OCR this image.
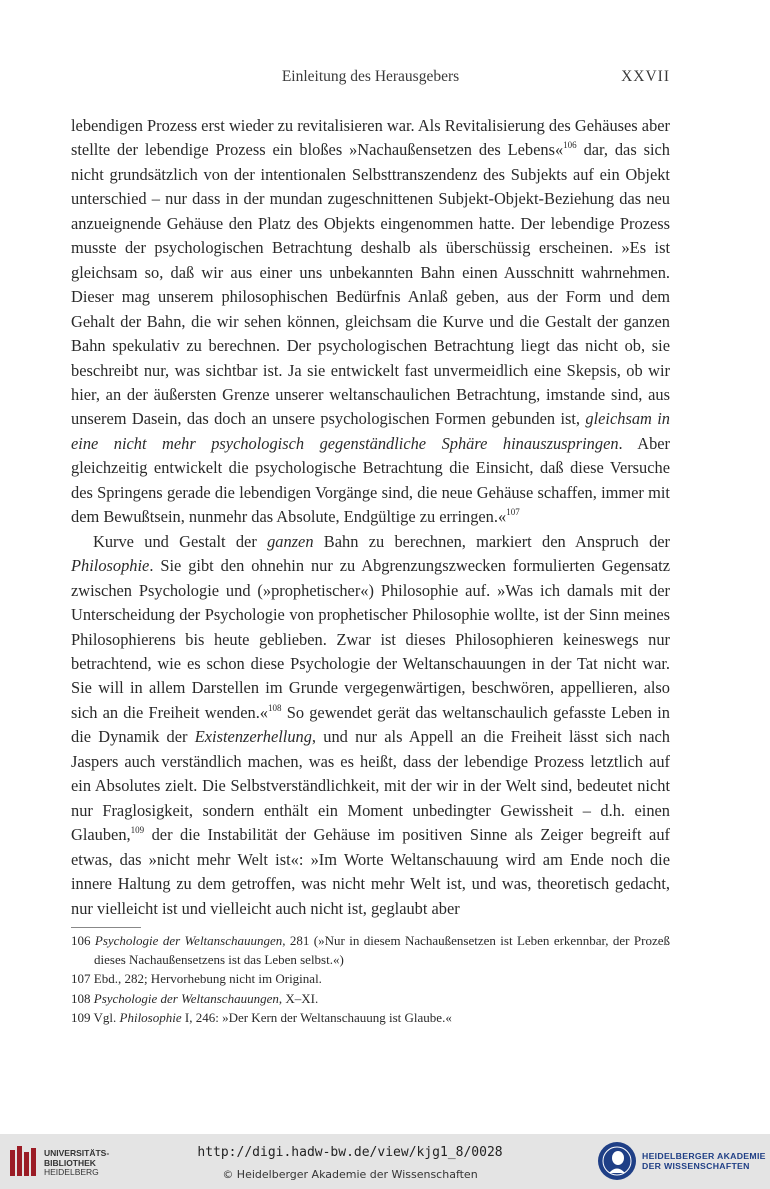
Einleitung des Herausgebers	XXVII

lebendigen Prozess erst wieder zu revitalisieren war. Als Revitalisierung des Gehäuses aber stellte der lebendige Prozess ein bloßes »Nachaußensetzen des Lebens«$^{106}$ dar, das sich nicht grundsätzlich von der intentionalen Selbsttranszendenz des Subjekts auf ein Objekt unterschied – nur dass in der mundan zugeschnittenen Subjekt-Objekt-Beziehung das neu anzueignende Gehäuse den Platz des Objekts eingenommen hatte. Der lebendige Prozess musste der psychologischen Betrachtung deshalb als überschüssig erscheinen. »Es ist gleichsam so, daß wir aus einer uns unbekannten Bahn einen Ausschnitt wahrnehmen. Dieser mag unserem philosophischen Bedürfnis Anlaß geben, aus der Form und dem Gehalt der Bahn, die wir sehen können, gleichsam die Kurve und die Gestalt der ganzen Bahn spekulativ zu berechnen. Der psychologischen Betrachtung liegt das nicht ob, sie beschreibt nur, was sichtbar ist. Ja sie entwickelt fast unvermeidlich eine Skepsis, ob wir hier, an der äußersten Grenze unserer weltanschaulichen Betrachtung, imstande sind, aus unserem Dasein, das doch an unsere psychologischen Formen gebunden ist, gleichsam in eine nicht mehr psychologisch gegenständliche Sphäre hinauszuspringen. Aber gleichzeitig entwickelt die psychologische Betrachtung die Einsicht, daß diese Versuche des Springens gerade die lebendigen Vorgänge sind, die neue Gehäuse schaffen, immer mit dem Bewußtsein, nunmehr das Absolute, Endgültige zu erringen.«$^{107}$

Kurve und Gestalt der ganzen Bahn zu berechnen, markiert den Anspruch der Philosophie. Sie gibt den ohnehin nur zu Abgrenzungszwecken formulierten Gegensatz zwischen Psychologie und (»prophetischer«) Philosophie auf. »Was ich damals mit der Unterscheidung der Psychologie von prophetischer Philosophie wollte, ist der Sinn meines Philosophierens bis heute geblieben. Zwar ist dieses Philosophieren keineswegs nur betrachtend, wie es schon diese Psychologie der Weltanschauungen in der Tat nicht war. Sie will in allem Darstellen im Grunde vergegenwärtigen, beschwören, appellieren, also sich an die Freiheit wenden.«$^{108}$ So gewendet gerät das weltanschaulich gefasste Leben in die Dynamik der Existenzerhellung, und nur als Appell an die Freiheit lässt sich nach Jaspers auch verständlich machen, was es heißt, dass der lebendige Prozess letztlich auf ein Absolutes zielt. Die Selbstverständlichkeit, mit der wir in der Welt sind, bedeutet nicht nur Fraglosigkeit, sondern enthält ein Moment unbedingter Gewissheit – d.h. einen Glauben,$^{109}$ der die Instabilität der Gehäuse im positiven Sinne als Zeiger begreift auf etwas, das »nicht mehr Welt ist«: »Im Worte Weltanschauung wird am Ende noch die innere Haltung zu dem getroffen, was nicht mehr Welt ist, und was, theoretisch gedacht, nur vielleicht ist und vielleicht auch nicht ist, geglaubt aber

106 Psychologie der Weltanschauungen, 281 (»Nur in diesem Nachaußensetzen ist Leben erkennbar, der Prozeß dieses Nachaußensetzens ist das Leben selbst.«)
107 Ebd., 282; Hervorhebung nicht im Original.
108 Psychologie der Weltanschauungen, X–XI.
109 Vgl. Philosophie I, 246: »Der Kern der Weltanschauung ist Glaube.«
UNIVERSITÄTS-
BIBLIOTHEK
HEIDELBERG
http://digi.hadw-bw.de/view/kjg1_8/0028
© Heidelberger Akademie der Wissenschaften
HEIDELBERGER AKADEMIE
DER WISSENSCHAFTEN
